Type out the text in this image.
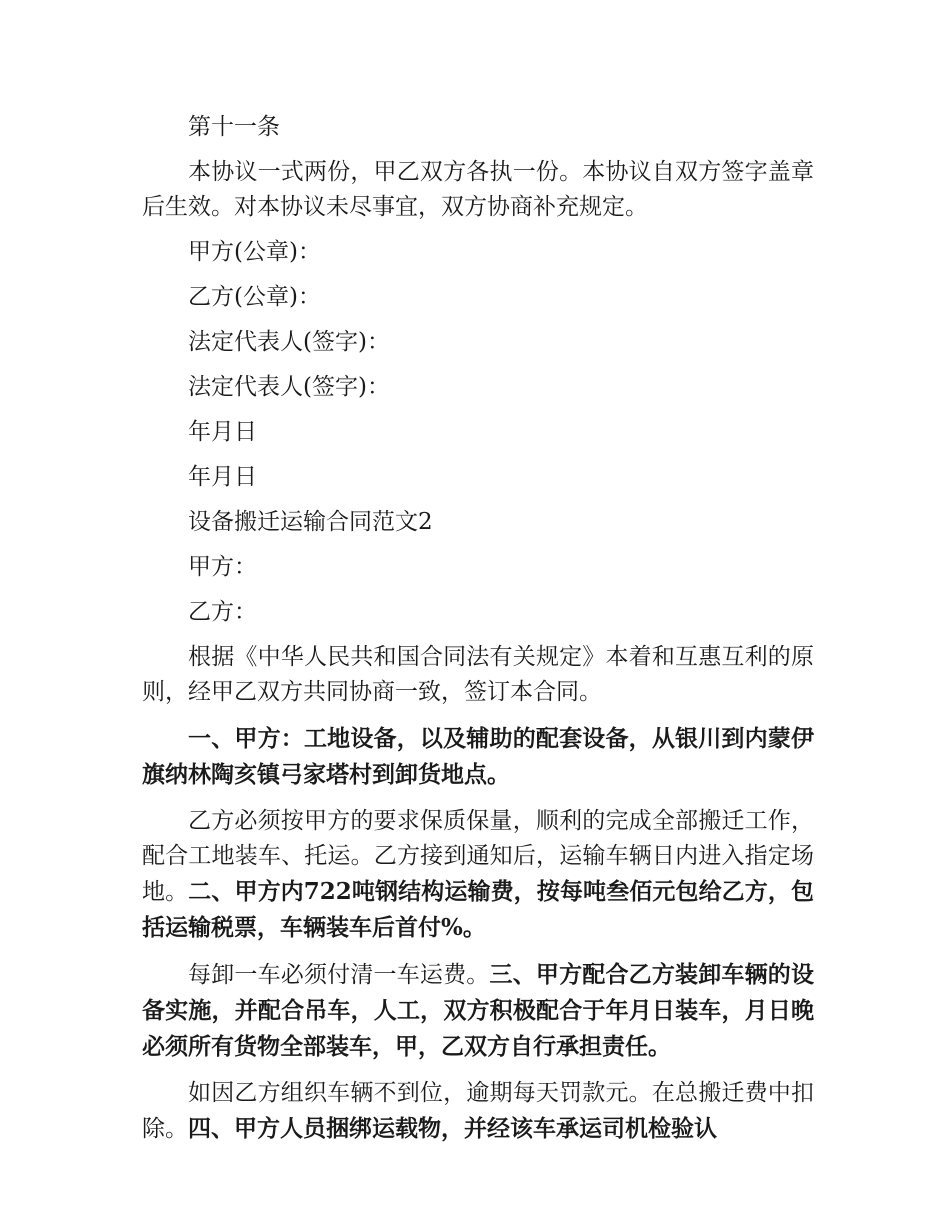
第十一条

本协议一式两份，甲乙双方各执一份。本协议自双方签字盖章后生效。对本协议未尽事宜，双方协商补充规定。

甲方(公章)：

乙方(公章)：

法定代表人(签字)：

法定代表人(签字)：

年月日

年月日

设备搬迁运输合同范文2

甲方：

乙方：

根据《中华人民共和国合同法有关规定》本着和互惠互利的原则，经甲乙双方共同协商一致，签订本合同。

一、甲方：工地设备，以及辅助的配套设备，从银川到内蒙伊旗纳林陶亥镇弓家塔村到卸货地点。

乙方必须按甲方的要求保质保量，顺利的完成全部搬迁工作，配合工地装车、托运。乙方接到通知后，运输车辆日内进入指定场地。二、甲方内722吨钢结构运输费，按每吨叁佰元包给乙方，包括运输税票，车辆装车后首付%。

每卸一车必须付清一车运费。三、甲方配合乙方装卸车辆的设备实施，并配合吊车，人工，双方积极配合于年月日装车，月日晚必须所有货物全部装车，甲，乙双方自行承担责任。

如因乙方组织车辆不到位，逾期每天罚款元。在总搬迁费中扣除。四、甲方人员捆绑运载物，并经该车承运司机检验认
